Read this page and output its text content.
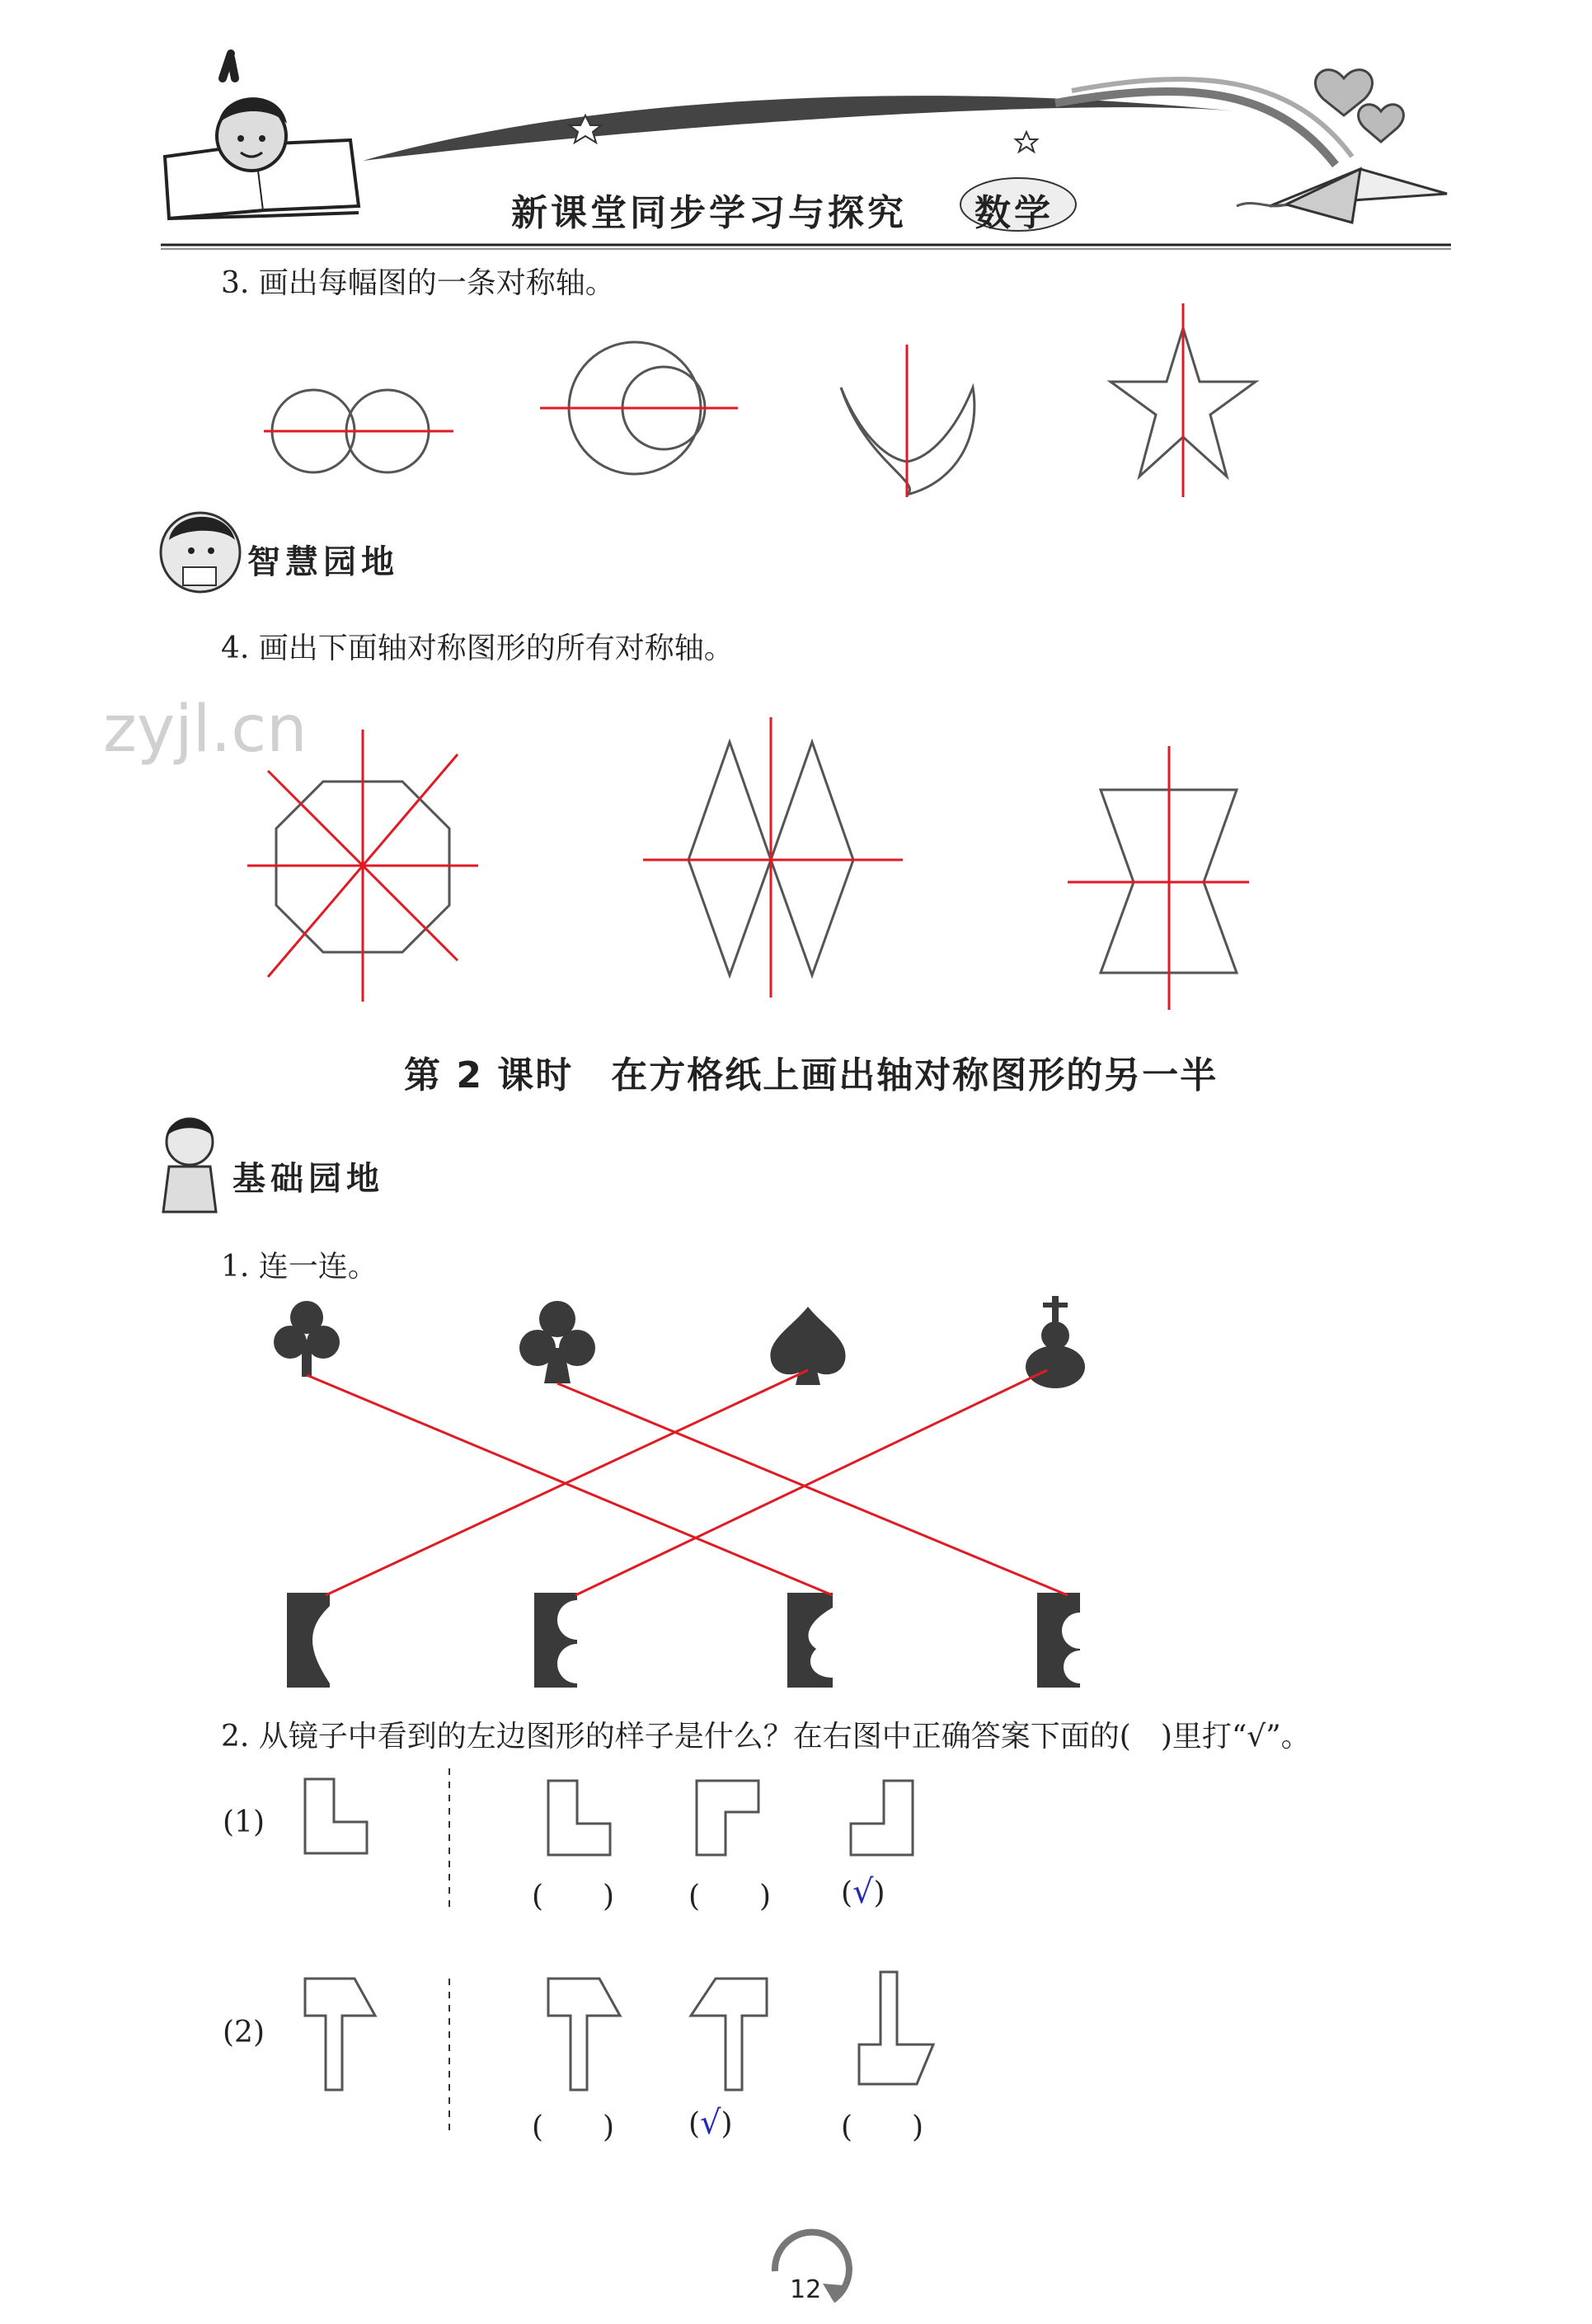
新课堂同步学习与探究 数学
3. 画出每幅图的一条对称轴。
智慧园地
4. 画出下面轴对称图形的所有对称轴。
zyjl.cn
第 2 课时　在方格纸上画出轴对称图形的另一半
基础园地
1. 连一连。
2. 从镜子中看到的左边图形的样子是什么？在右图中正确答案下面的(　)里打“√”。
(1)
(2)
(　　) (　　) (√)
(　　) (√)	(　　)
12
